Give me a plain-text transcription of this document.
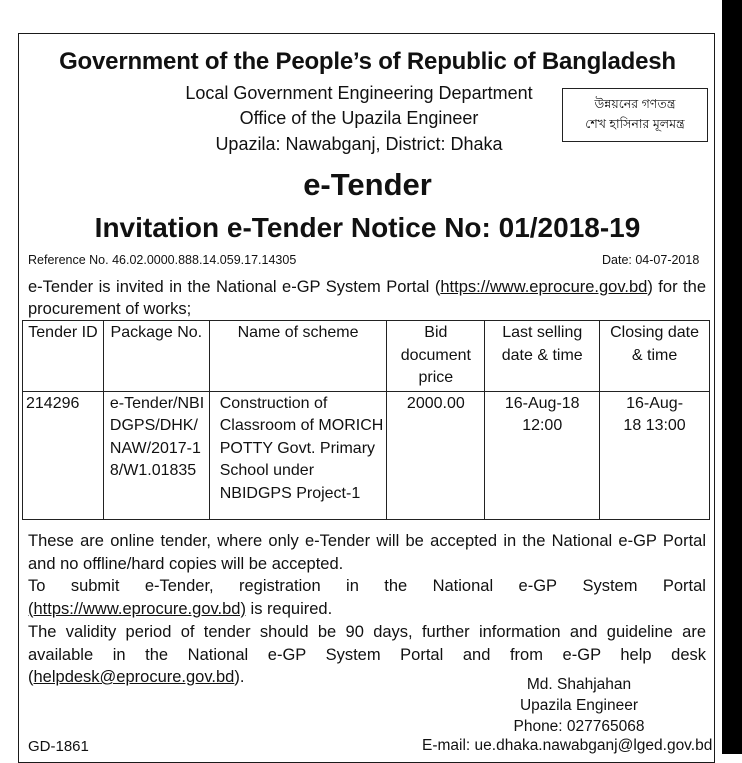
Government of the People’s of Republic of Bangladesh
Local Government Engineering Department
Office of the Upazila Engineer
Upazila: Nawabganj, District: Dhaka
উন্নয়নের গণতন্ত্র
শেখ হাসিনার মূলমন্ত্র
e-Tender
Invitation e-Tender Notice No: 01/2018-19
Reference No. 46.02.0000.888.14.059.17.14305	Date: 04-07-2018
e-Tender is invited in the National e-GP System Portal (https://www.eprocure.gov.bd) for the procurement of works;
Tender ID	Package No.	Name of scheme	Bid document price	Last selling date & time	Closing date & time
214296	e-Tender/NBIDGPS/DHK/NAW/2017-18/W1.01835	Construction of Classroom of MORICH POTTY Govt. Primary School under NBIDGPS Project-1	2000.00	16-Aug-18 12:00	16-Aug-18 13:00
These are online tender, where only e-Tender will be accepted in the National e-GP Portal and no offline/hard copies will be accepted.
To submit e-Tender, registration in the National e-GP System Portal
(https://www.eprocure.gov.bd) is required.
The validity period of tender should be 90 days, further information and guideline are available in the National e-GP System Portal and from e-GP help desk (helpdesk@eprocure.gov.bd).	Md. Shahjahan
Upazila Engineer
Phone: 027765068
E-mail: ue.dhaka.nawabganj@lged.gov.bd
GD-1861
